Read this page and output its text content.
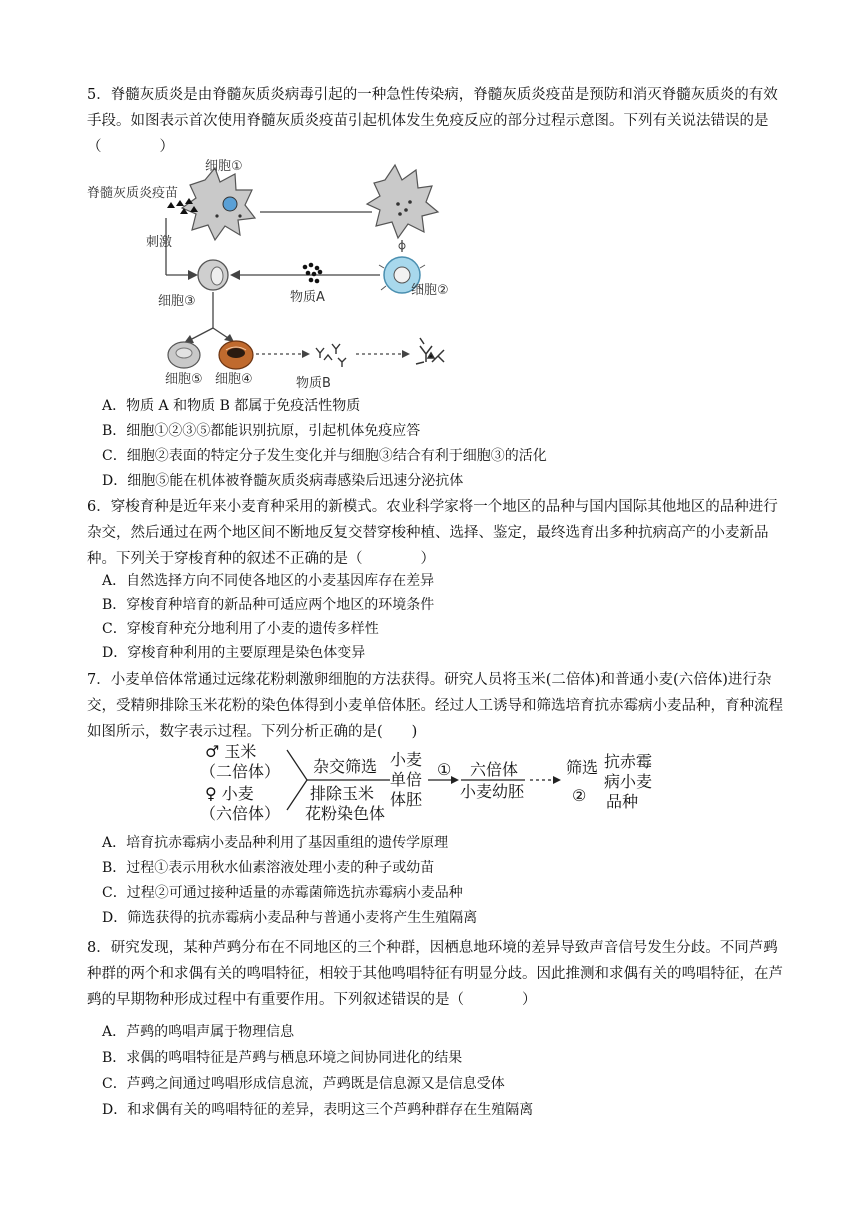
5．脊髓灰质炎是由脊髓灰质炎病毒引起的一种急性传染病，脊髓灰质炎疫苗是预防和消灭脊髓灰质炎的有效手段。如图表示首次使用脊髓灰质炎疫苗引起机体发生免疫反应的部分过程示意图。下列有关说法错误的是（　　　　）
脊髓灰质炎疫苗
细胞①
刺激
细胞③	物质A	细胞②
细胞⑤ 细胞④	物质B
A．物质 A 和物质 B 都属于免疫活性物质
B．细胞①②③⑤都能识别抗原，引起机体免疫应答
C．细胞②表面的特定分子发生变化并与细胞③结合有利于细胞③的活化
D．细胞⑤能在机体被脊髓灰质炎病毒感染后迅速分泌抗体
6．穿梭育种是近年来小麦育种采用的新模式。农业科学家将一个地区的品种与国内国际其他地区的品种进行杂交，然后通过在两个地区间不断地反复交替穿梭种植、选择、鉴定，最终选育出多种抗病高产的小麦新品种。下列关于穿梭育种的叙述不正确的是（　　　　）
A．自然选择方向不同使各地区的小麦基因库存在差异
B．穿梭育种培育的新品种可适应两个地区的环境条件
C．穿梭育种充分地利用了小麦的遗传多样性
D．穿梭育种利用的主要原理是染色体变异
7．小麦单倍体常通过远缘花粉刺激卵细胞的方法获得。研究人员将玉米(二倍体)和普通小麦(六倍体)进行杂交，受精卵排除玉米花粉的染色体得到小麦单倍体胚。经过人工诱导和筛选培育抗赤霉病小麦品种，育种流程如图所示，数字表示过程。下列分析正确的是(　　)
♂ 玉米
（二倍体）
♀ 小麦
（六倍体）
杂交筛选
排除玉米
花粉染色体
小麦
单倍
体胚
① 六倍体
小麦幼胚
筛选
②
抗赤霉
病小麦
品种
A．培育抗赤霉病小麦品种利用了基因重组的遗传学原理
B．过程①表示用秋水仙素溶液处理小麦的种子或幼苗
C．过程②可通过接种适量的赤霉菌筛选抗赤霉病小麦品种
D．筛选获得的抗赤霉病小麦品种与普通小麦将产生生殖隔离
8．研究发现，某种芦鹀分布在不同地区的三个种群，因栖息地环境的差异导致声音信号发生分歧。不同芦鹀种群的两个和求偶有关的鸣唱特征，相较于其他鸣唱特征有明显分歧。因此推测和求偶有关的鸣唱特征，在芦鹀的早期物种形成过程中有重要作用。下列叙述错误的是（　　　　）
A．芦鹀的鸣唱声属于物理信息
B．求偶的鸣唱特征是芦鹀与栖息环境之间协同进化的结果
C．芦鹀之间通过鸣唱形成信息流，芦鹀既是信息源又是信息受体
D．和求偶有关的鸣唱特征的差异，表明这三个芦鹀种群存在生殖隔离
